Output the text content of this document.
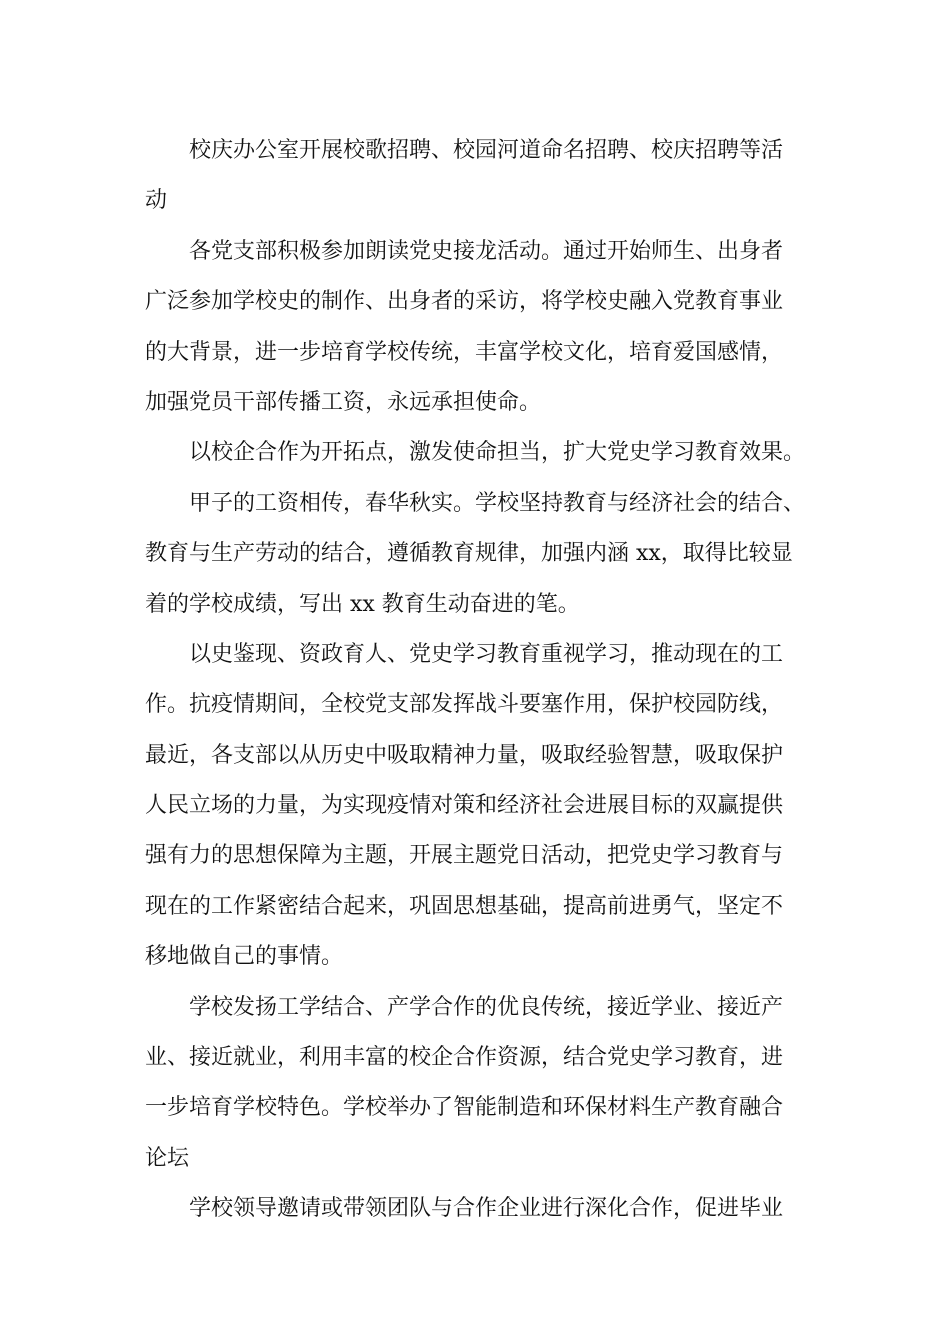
　　校庆办公室开展校歌招聘、校园河道命名招聘、校庆招聘等活
动
　　各党支部积极参加朗读党史接龙活动。通过开始师生、出身者
广泛参加学校史的制作、出身者的采访，将学校史融入党教育事业
的大背景，进一步培育学校传统，丰富学校文化，培育爱国感情，
加强党员干部传播工资，永远承担使命。
　　以校企合作为开拓点，激发使命担当，扩大党史学习教育效果。
　　甲子的工资相传，春华秋实。学校坚持教育与经济社会的结合、
教育与生产劳动的结合，遵循教育规律，加强内涵 xx，取得比较显
着的学校成绩，写出 xx 教育生动奋进的笔。
　　以史鉴现、资政育人、党史学习教育重视学习，推动现在的工
作。抗疫情期间，全校党支部发挥战斗要塞作用，保护校园防线，
最近，各支部以从历史中吸取精神力量，吸取经验智慧，吸取保护
人民立场的力量，为实现疫情对策和经济社会进展目标的双赢提供
强有力的思想保障为主题，开展主题党日活动，把党史学习教育与
现在的工作紧密结合起来，巩固思想基础，提高前进勇气，坚定不
移地做自己的事情。
　　学校发扬工学结合、产学合作的优良传统，接近学业、接近产
业、接近就业，利用丰富的校企合作资源，结合党史学习教育，进
一步培育学校特色。学校举办了智能制造和环保材料生产教育融合
论坛
　　学校领导邀请或带领团队与合作企业进行深化合作，促进毕业
